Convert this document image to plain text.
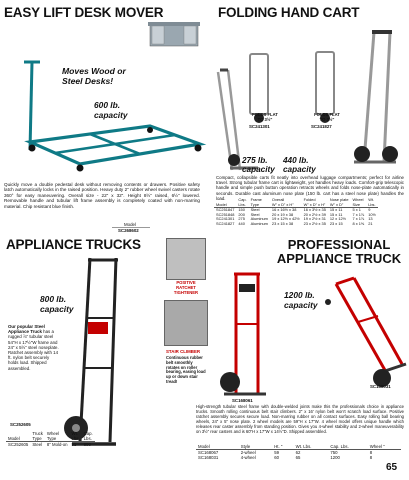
EASY LIFT DESK MOVER
Moves Wood or Steel Desks!
600 lb. capacity
Quickly move a double pedestal desk without removing contents or drawers. Positive safety latch automatically locks in the raised position. Heavy duty 2" rubber wheel swivel casters rotate 360° for easy maneuvering. Overall size - 22" x 32". Height 8½" raised, 6½" lowered. Removable handle and tubular lift frame assembly is completely coated with non-marring material. Chip resistant blue finish.
Model
SC268602
FOLDING HAND CART
FOLDS FLAT TO 3½"
SC241301
FOLDS FLAT TO 3½"
SC241827
275 lb. capacity
440 lb. capacity
Compact, collapsible carts fit neatly into overhead luggage compartments; perfect for airline travel. Strong tubular frame cart is lightweight, yet handles heavy loads. Comfort-grip telescopic handle and simple push button operation retracts wheels and folds nose-plate automatically in seconds. Durable cast aluminum nose plate (150 lb. cart has a steel nose plate) handles the load.
		Cap.	Frame	Overall	Folded	Nose plate	Wheel	Wt.
Model	Lbs.	Type	W" x D" x H"	W" x D" x H"	W" x D"	Size	Lbs.
SC251847	150	Steel	16 x 16½ x 38	16 x 3½ x 35	15 x 11	5 x 1	9
SC251848	200	Steel	20 x 19 x 38	20 x 2½ x 39	15 x 11	7 x 1⅞	10½
SC241301	275	Aluminum	19 x 12½ x 42½	19 x 2½ x 31	12 x 12½	7 x 1⅞	13
SC241827	440	Aluminum	23 x 15 x 38	23 x 2½ x 35	23 x 15	8 x 1⅝	21
APPLIANCE TRUCKS
800 lb. capacity
Our popular Steel Appliance Truck has a rugged ⅞" tubular steel 54"H x 17½"W frame and 24" x 5½" steel noseplate. Ratchet assembly with 14 ft. nylon belt securely holds load. Shipped assembled.
SC252605
	Truck	Wheel	Wt.	Cap.
Model	Type	Type	Lbs.	Lbs.
SC252605	Steel	8" Mold-on	51	800
POSITIVE RATCHET TIGHTENER
STAIR CLIMBER
Continuous rubber belt smoothly rotates on roller bearing, easing load up or down stair tread!
PROFESSIONAL APPLIANCE TRUCK
1200 lb. capacity
SC168061
SC168031
High-strength tubular steel frame with double-welded joints make this the professionals choice in appliance trucks. Smooth rolling continuous belt stair climbers. 2" x 16' nylon belt won't scratch load surface. Positive ratchet assembly secures secure load. Non-marring rubber on all contact surfaces. Easy rolling ball bearing wheels, 24" x 5" nose plate. 2 wheel models are 59"H x 17"W. 4 wheel model offers unique handle which releases rear caster assembly from standing position. Gives you 4-wheel stability and 2-wheel maneuverability on 3½" rear casters and is 60"H x 17"W x 14½"D. Shipped assembled.
Model	Style	Ht. "	Wt. Lbs.	Cap. Lbs.	Wheel "
SC168067	2-wheel	59	62	750	8
SC168031	4-wheel	60	65	1200	8
65
